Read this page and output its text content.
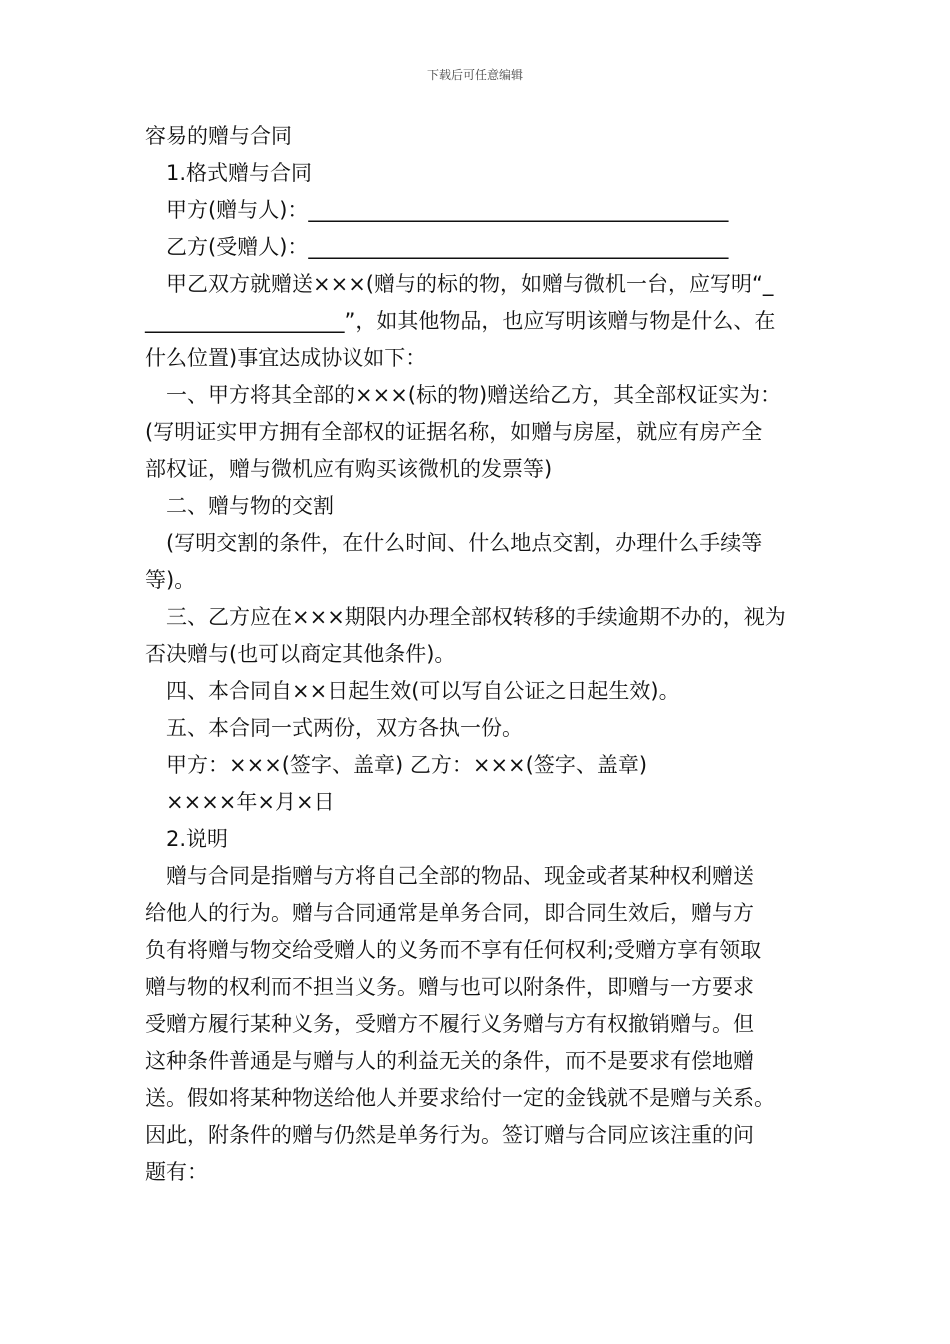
下载后可任意编辑
容易的赠与合同
1.格式赠与合同
甲方(赠与人)：________________________________________
乙方(受赠人)：________________________________________
甲乙双方就赠送×××(赠与的标的物，如赠与微机一台，应写明“_
___________________”，如其他物品，也应写明该赠与物是什么、在
什么位置)事宜达成协议如下：
一、甲方将其全部的×××(标的物)赠送给乙方，其全部权证实为：
(写明证实甲方拥有全部权的证据名称，如赠与房屋，就应有房产全
部权证，赠与微机应有购买该微机的发票等)
二、赠与物的交割
(写明交割的条件，在什么时间、什么地点交割，办理什么手续等
等)。
三、乙方应在×××期限内办理全部权转移的手续逾期不办的，视为
否决赠与(也可以商定其他条件)。
四、本合同自××日起生效(可以写自公证之日起生效)。
五、本合同一式两份，双方各执一份。
甲方：×××(签字、盖章) 乙方：×××(签字、盖章)
××××年×月×日
2.说明
赠与合同是指赠与方将自己全部的物品、现金或者某种权利赠送
给他人的行为。赠与合同通常是单务合同，即合同生效后，赠与方
负有将赠与物交给受赠人的义务而不享有任何权利;受赠方享有领取
赠与物的权利而不担当义务。赠与也可以附条件，即赠与一方要求
受赠方履行某种义务，受赠方不履行义务赠与方有权撤销赠与。但
这种条件普通是与赠与人的利益无关的条件，而不是要求有偿地赠
送。假如将某种物送给他人并要求给付一定的金钱就不是赠与关系。
因此，附条件的赠与仍然是单务行为。签订赠与合同应该注重的问
题有：
